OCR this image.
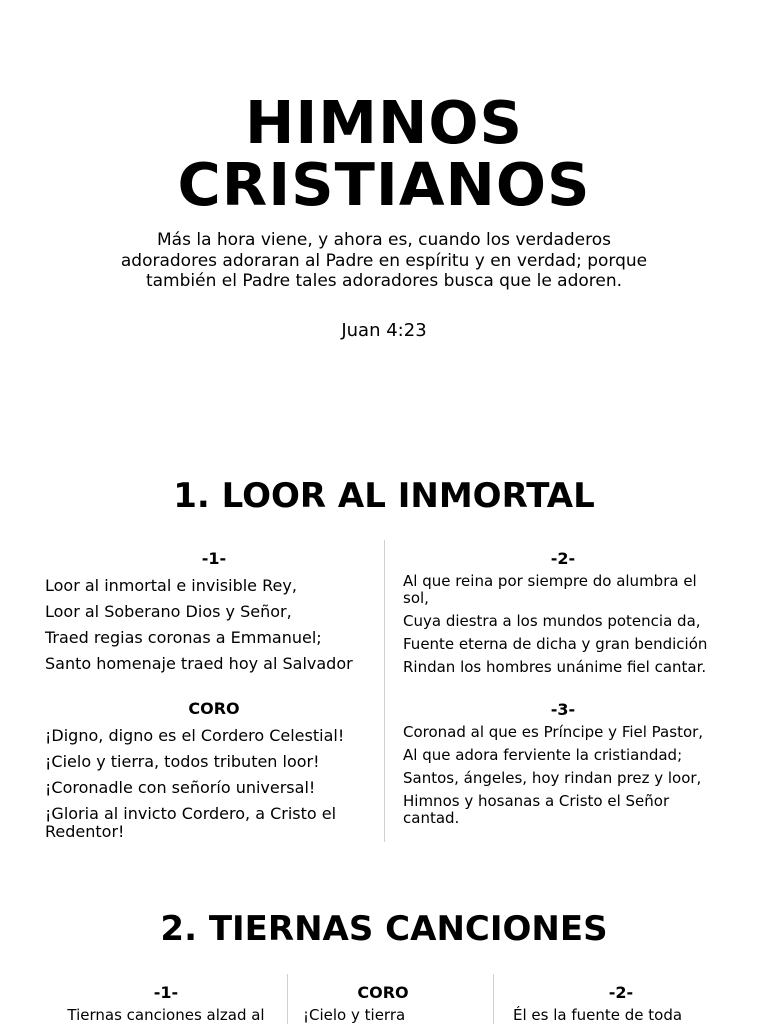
HIMNOS
CRISTIANOS
Más la hora viene, y ahora es, cuando los verdaderos adoradores adoraran al Padre en espíritu y en verdad; porque también el Padre tales adoradores busca que le adoren.
Juan 4:23
1. LOOR AL INMORTAL
-1-
Loor al inmortal e invisible Rey,
Loor al Soberano Dios y Señor,
Traed regias coronas a Emmanuel;
Santo homenaje traed hoy al Salvador
CORO
¡Digno, digno es el Cordero Celestial!
¡Cielo y tierra, todos tributen loor!
¡Coronadle con señorío universal!
¡Gloria al invicto Cordero, a Cristo el Redentor!
-2-
Al que reina por siempre do alumbra el sol,
Cuya diestra a los mundos potencia da,
Fuente eterna de dicha y gran bendición
Rindan los hombres unánime fiel cantar.
-3-
Coronad al que es Príncipe y Fiel Pastor,
Al que adora ferviente la cristiandad;
Santos, ángeles, hoy rindan prez y loor,
Himnos y hosanas a Cristo el Señor cantad.
2. TIERNAS CANCIONES
-1-
Tiernas canciones alzad al
CORO
¡Cielo y tierra
-2-
Él es la fuente de toda
